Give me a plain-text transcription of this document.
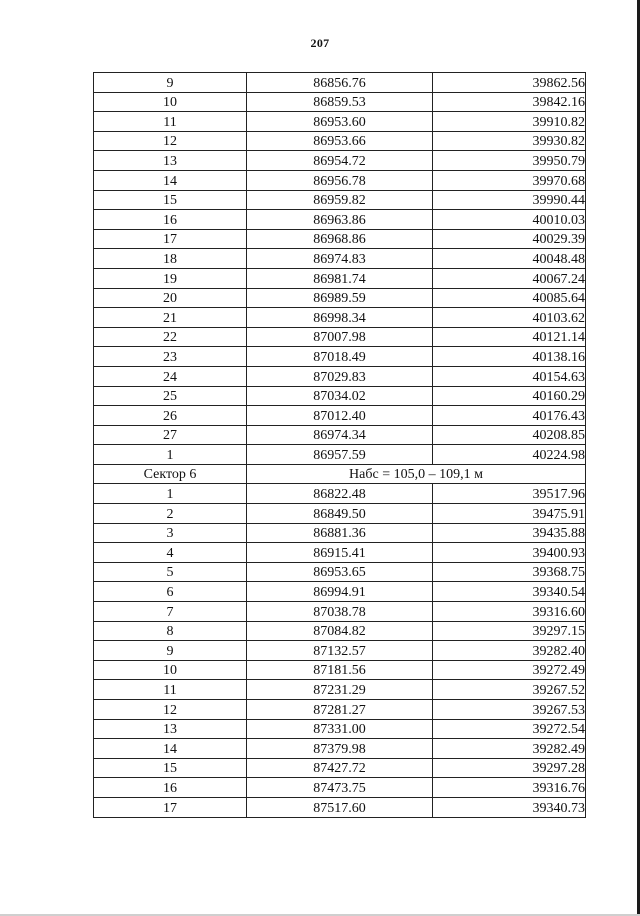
207
9	86856.76	39862.56
10	86859.53	39842.16
11	86953.60	39910.82
12	86953.66	39930.82
13	86954.72	39950.79
14	86956.78	39970.68
15	86959.82	39990.44
16	86963.86	40010.03
17	86968.86	40029.39
18	86974.83	40048.48
19	86981.74	40067.24
20	86989.59	40085.64
21	86998.34	40103.62
22	87007.98	40121.14
23	87018.49	40138.16
24	87029.83	40154.63
25	87034.02	40160.29
26	87012.40	40176.43
27	86974.34	40208.85
1	86957.59	40224.98
Сектор 6	Набс = 105,0 – 109,1 м	
1	86822.48	39517.96
2	86849.50	39475.91
3	86881.36	39435.88
4	86915.41	39400.93
5	86953.65	39368.75
6	86994.91	39340.54
7	87038.78	39316.60
8	87084.82	39297.15
9	87132.57	39282.40
10	87181.56	39272.49
11	87231.29	39267.52
12	87281.27	39267.53
13	87331.00	39272.54
14	87379.98	39282.49
15	87427.72	39297.28
16	87473.75	39316.76
17	87517.60	39340.73
